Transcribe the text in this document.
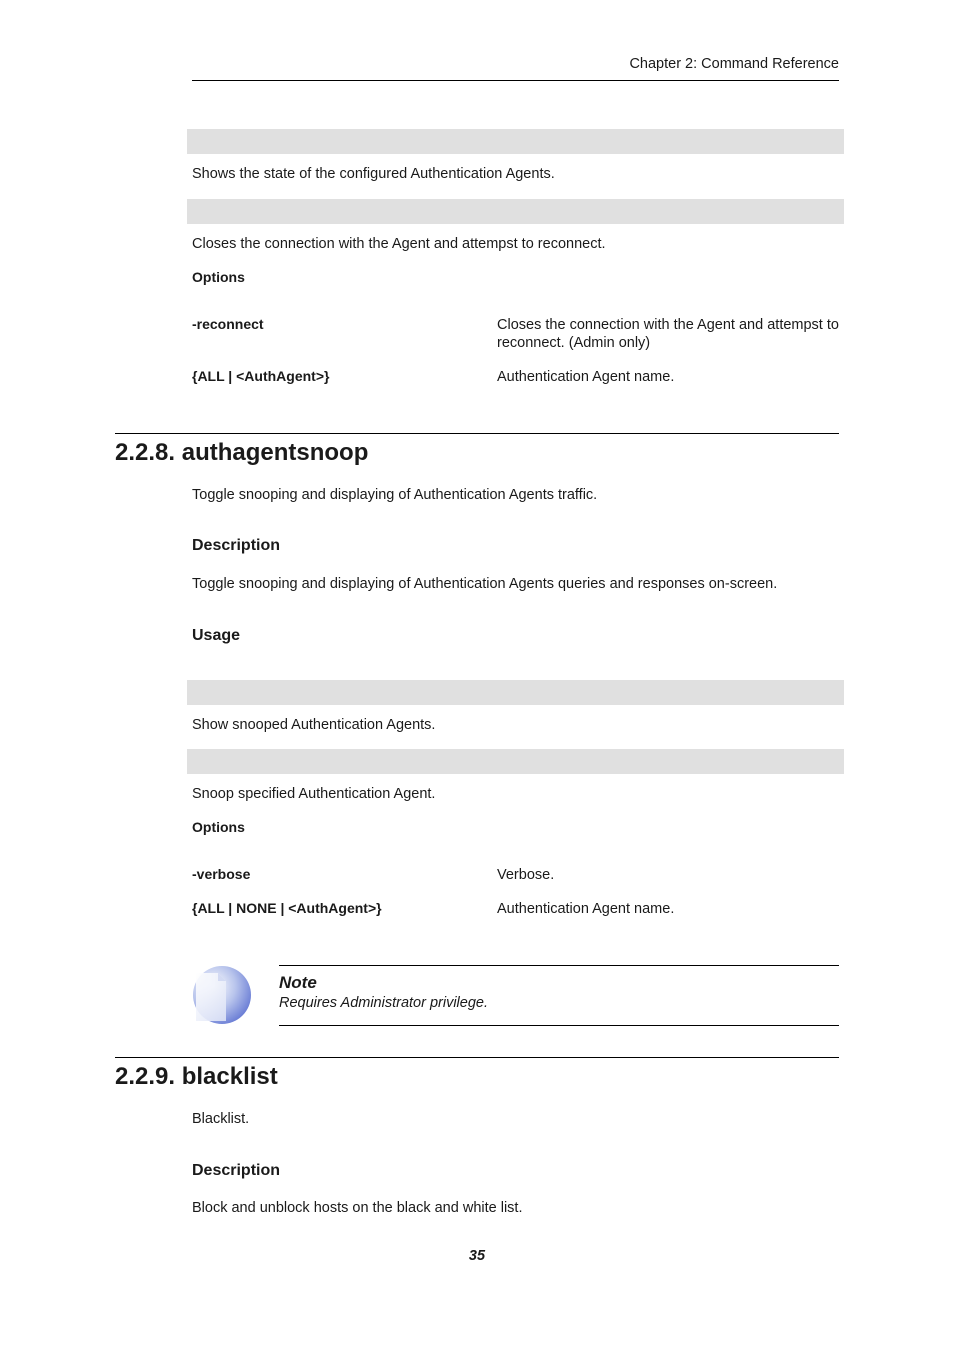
Chapter 2: Command Reference
Shows the state of the configured Authentication Agents.
Closes the connection with the Agent and attempst to reconnect.
Options
-reconnect	Closes the connection with the Agent and attempst to reconnect. (Admin only)
{ALL | <AuthAgent>}	Authentication Agent name.
2.2.8. authagentsnoop
Toggle snooping and displaying of Authentication Agents traffic.
Description
Toggle snooping and displaying of Authentication Agents queries and responses on-screen.
Usage
Show snooped Authentication Agents.
Snoop specified Authentication Agent.
Options
-verbose	Verbose.
{ALL | NONE | <AuthAgent>}	Authentication Agent name.
Note
Requires Administrator privilege.
2.2.9. blacklist
Blacklist.
Description
Block and unblock hosts on the black and white list.
35
